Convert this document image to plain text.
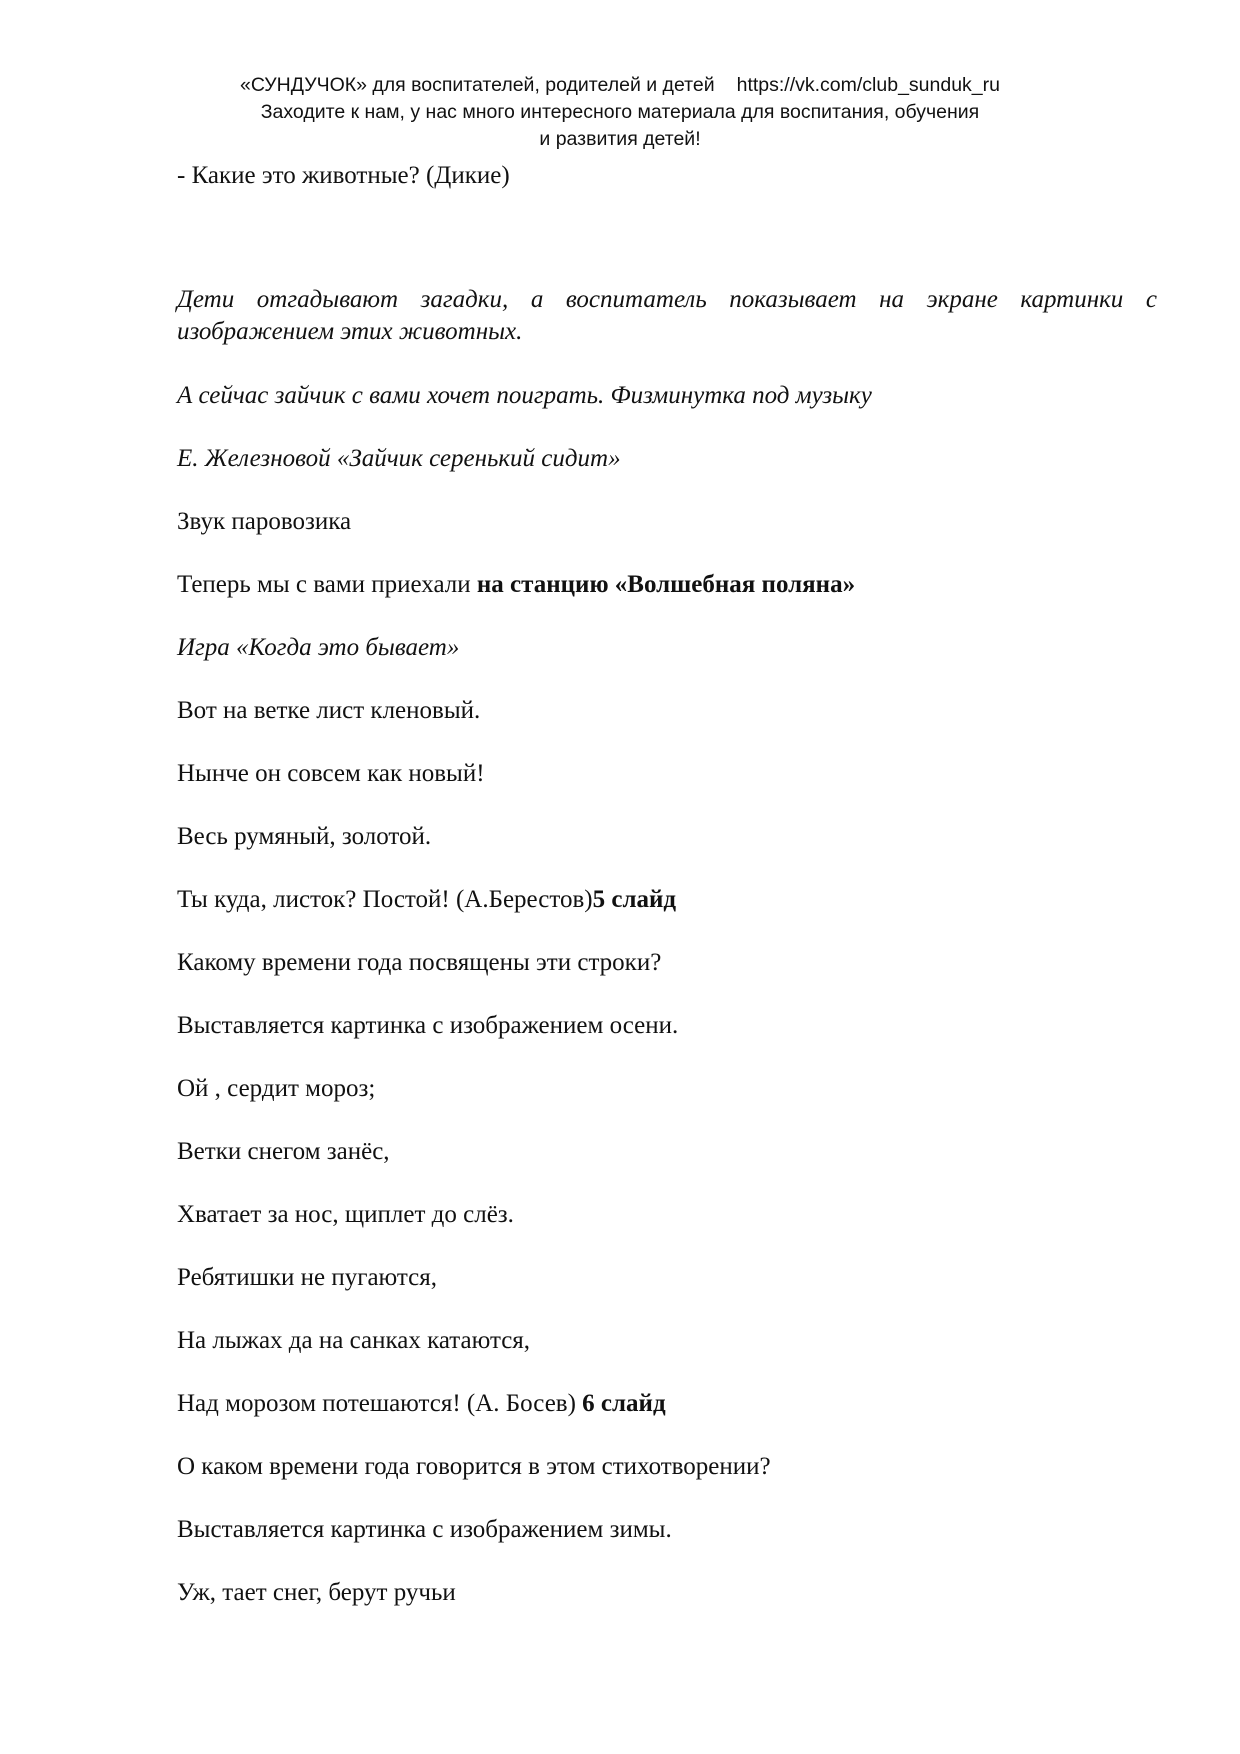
«СУНДУЧОК» для воспитателей, родителей и детей https://vk.com/club_sunduk_ru
Заходите к нам, у нас много интересного материала для воспитания, обучения
и развития детей!

- Какие это животные? (Дикие)

Дети отгадывают загадки, а воспитатель показывает на экране картинки с изображением этих животных.

А сейчас зайчик с вами хочет поиграть. Физминутка под музыку

Е. Железновой «Зайчик серенький сидит»

Звук паровозика

Теперь мы с вами приехали на станцию «Волшебная поляна»

Игра «Когда это бывает»

Вот на ветке лист кленовый.

Нынче он совсем как новый!

Весь румяный, золотой.

Ты куда, листок? Постой! (А.Берестов)5 слайд

Какому времени года посвящены эти строки?

Выставляется картинка с изображением осени.

Ой , сердит мороз;

Ветки снегом занёс,

Хватает за нос, щиплет до слёз.

Ребятишки не пугаются,

На лыжах да на санках катаются,

Над морозом потешаются! (А. Босев) 6 слайд

О каком времени года говорится в этом стихотворении?

Выставляется картинка с изображением зимы.

Уж, тает снег, берут ручьи
